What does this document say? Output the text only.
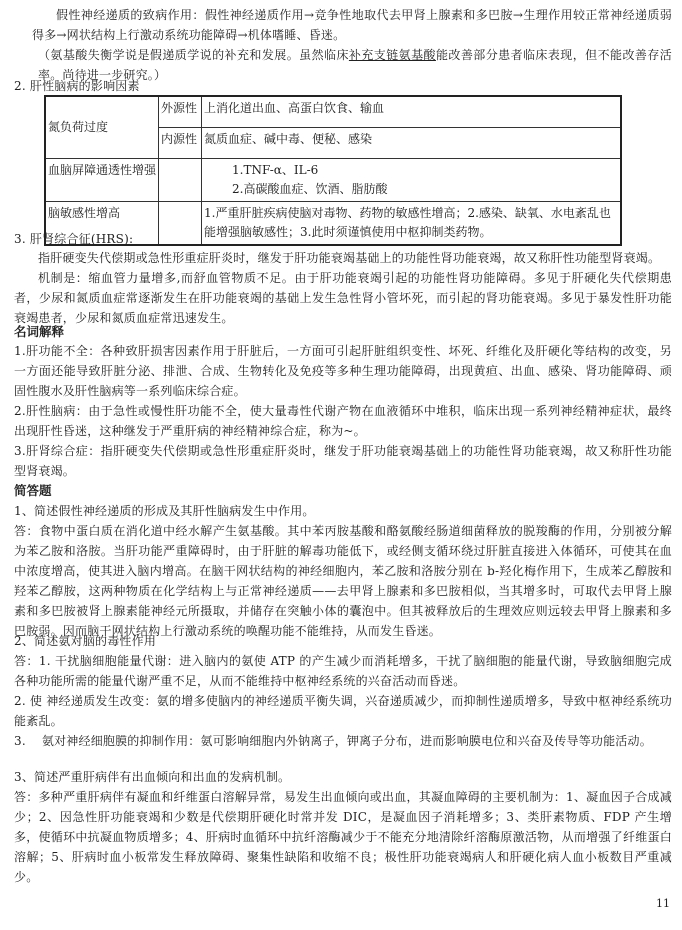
假性神经递质的致病作用：假性神经递质作用→竞争性地取代去甲肾上腺素和多巴胺→生理作用较正常神经递质弱得多→网状结构上行激动系统功能障碍→机体嗜睡、昏迷。

（氨基酸失衡学说是假递质学说的补充和发展。虽然临床补充支链氨基酸能改善部分患者临床表现，但不能改善存活率。尚待进一步研究。）

2. 肝性脑病的影响因素
氮负荷过度	外源性	上消化道出血、高蛋白饮食、输血
	内源性	氮质血症、碱中毒、便秘、感染
血脑屏障通透性增强		1.TNF-α、IL-6
2.高碳酸血症、饮酒、脂肪酸

脑敏感性增高		1.严重肝脏疾病使脑对毒物、药物的敏感性增高；2.感染、缺氧、水电紊乱也能增强脑敏感性；3.此时须谨慎使用中枢抑制类药物。
3. 肝肾综合征(HRS):

指肝硬变失代偿期或急性形重症肝炎时，继发于肝功能衰竭基础上的功能性肾功能衰竭，故又称肝性功能型肾衰竭。

机制是：缩血管力量增多,而舒血管物质不足。由于肝功能衰竭引起的功能性肾功能障碍。多见于肝硬化失代偿期患者，少尿和氮质血症常逐渐发生在肝功能衰竭的基础上发生急性肾小管坏死，而引起的肾功能衰竭。多见于暴发性肝功能衰竭患者，少尿和氮质血症常迅速发生。

名词解释

1.肝功能不全：各种致肝损害因素作用于肝脏后，一方面可引起肝脏组织变性、坏死、纤维化及肝硬化等结构的改变，另一方面还能导致肝脏分泌、排泄、合成、生物转化及免疫等多种生理功能障碍，出现黄疸、出血、感染、肾功能障碍、顽固性腹水及肝性脑病等一系列临床综合症。

2.肝性脑病：由于急性或慢性肝功能不全，使大量毒性代谢产物在血液循环中堆积，临床出现一系列神经精神症状，最终出现肝性昏迷，这种继发于严重肝病的神经精神综合症，称为~。

3.肝肾综合症：指肝硬变失代偿期或急性形重症肝炎时，继发于肝功能衰竭基础上的功能性肾功能衰竭，故又称肝性功能型肾衰竭。

简答题

1、简述假性神经递质的形成及其肝性脑病发生中作用。

答：食物中蛋白质在消化道中经水解产生氨基酸。其中苯丙胺基酸和酪氨酸经肠道细菌释放的脱羧酶的作用，分别被分解为苯乙胺和洛胺。当肝功能严重障碍时，由于肝脏的解毒功能低下，或经侧支循环绕过肝脏直接进入体循环，可使其在血中浓度增高，使其进入脑内增高。在脑干网状结构的神经细胞内，苯乙胺和洛胺分别在 b-羟化梅作用下，生成苯乙醇胺和羟苯乙醇胺，这两种物质在化学结构上与正常神经递质——去甲肾上腺素和多巴胺相似，当其增多时，可取代去甲肾上腺素和多巴胺被肾上腺素能神经元所摄取，并储存在突触小体的囊泡中。但其被释放后的生理效应则远较去甲肾上腺素和多巴胺弱。因而脑干网状结构上行激动系统的唤醒功能不能维持，从而发生昏迷。

2、简述氨对脑的毒性作用

答：1. 干扰脑细胞能量代谢：进入脑内的氨使 ATP 的产生减少而消耗增多，干扰了脑细胞的能量代谢，导致脑细胞完成各种功能所需的能量代谢严重不足，从而不能维持中枢神经系统的兴奋活动而昏迷。

2. 使 神经递质发生改变：氨的增多使脑内的神经递质平衡失调，兴奋递质减少，而抑制性递质增多，导致中枢神经系统功能紊乱。

3.    氨对神经细胞膜的抑制作用：氨可影响细胞内外钠离子，钾离子分布，进而影响膜电位和兴奋及传导等功能活动。

3、简述严重肝病伴有出血倾向和出血的发病机制。

答：多种严重肝病伴有凝血和纤维蛋白溶解异常，易发生出血倾向或出血，其凝血障碍的主要机制为：1、凝血因子合成减少；2、因急性肝功能衰竭和少数是代偿期肝硬化时常并发 DIC，是凝血因子消耗增多；3、类肝素物质、FDP 产生增多，使循环中抗凝血物质增多；4、肝病时血循环中抗纤溶酶减少于不能充分地清除纤溶酶原激活物，从而增强了纤维蛋白溶解；5、肝病时血小板常发生释放障碍、聚集性缺陷和收缩不良；极性肝功能衰竭病人和肝硬化病人血小板数目严重减少。

11
